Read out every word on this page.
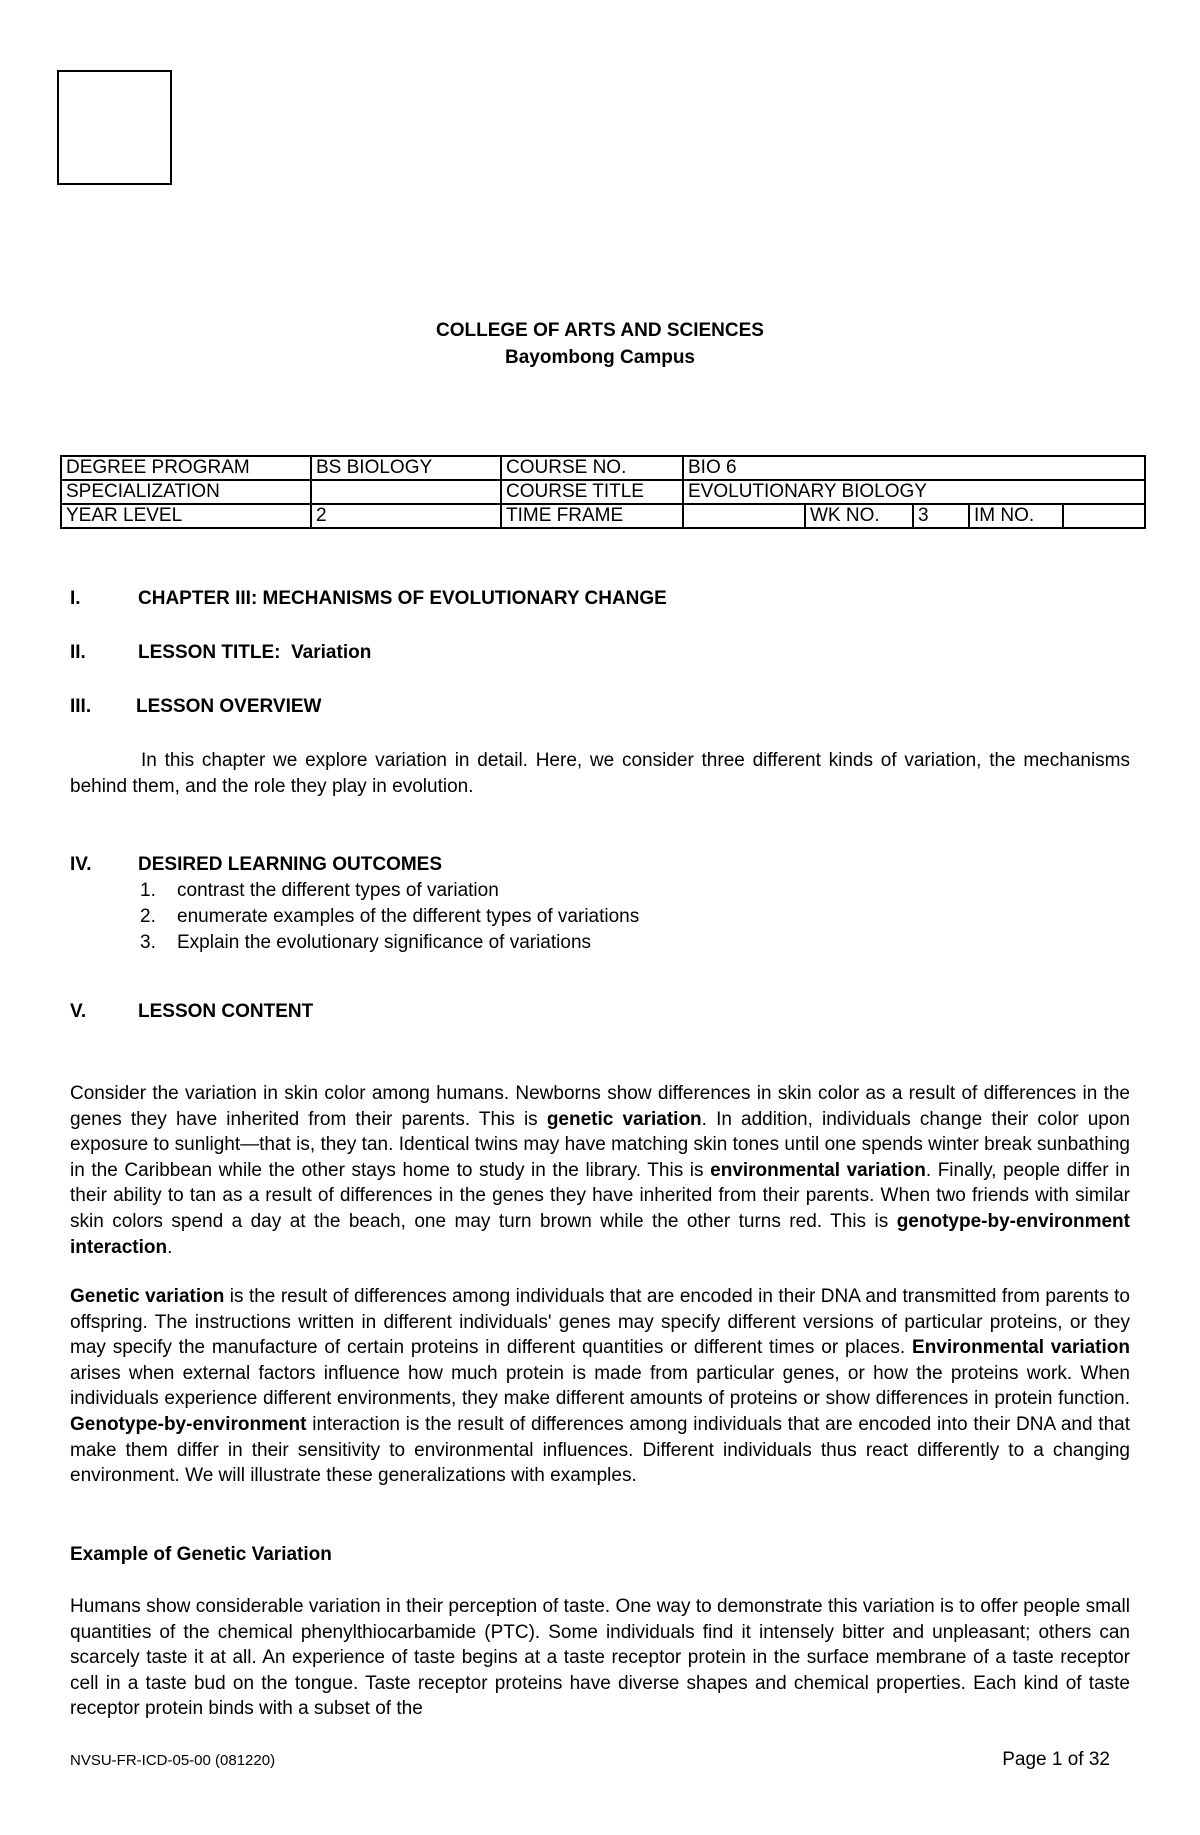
COLLEGE OF ARTS AND SCIENCES
Bayombong Campus
DEGREE PROGRAM	BS BIOLOGY	COURSE NO.	BIO 6				
SPECIALIZATION		COURSE TITLE	EVOLUTIONARY BIOLOGY				
YEAR LEVEL	2	TIME FRAME		WK NO.	3	IM NO.	
I.	CHAPTER III: MECHANISMS OF EVOLUTIONARY CHANGE
II.	LESSON TITLE: Variation
III. LESSON OVERVIEW
In this chapter we explore variation in detail. Here, we consider three different kinds of variation, the mechanisms behind them, and the role they play in evolution.
IV. DESIRED LEARNING OUTCOMES
1. contrast the different types of variation
2. enumerate examples of the different types of variations
3. Explain the evolutionary significance of variations
V.	LESSON CONTENT
Consider the variation in skin color among humans. Newborns show differences in skin color as a result of differences in the genes they have inherited from their parents. This is genetic variation. In addition, individuals change their color upon exposure to sunlight—that is, they tan. Identical twins may have matching skin tones until one spends winter break sunbathing in the Caribbean while the other stays home to study in the library. This is environmental variation. Finally, people differ in their ability to tan as a result of differences in the genes they have inherited from their parents. When two friends with similar skin colors spend a day at the beach, one may turn brown while the other turns red. This is genotype-by-environment interaction.
Genetic variation is the result of differences among individuals that are encoded in their DNA and transmitted from parents to offspring. The instructions written in different individuals' genes may specify different versions of particular proteins, or they may specify the manufacture of certain proteins in different quantities or different times or places. Environmental variation arises when external factors influence how much protein is made from particular genes, or how the proteins work. When individuals experience different environments, they make different amounts of proteins or show differences in protein function. Genotype-by-environment interaction is the result of differences among individuals that are encoded into their DNA and that make them differ in their sensitivity to environmental influences. Different individuals thus react differently to a changing environment. We will illustrate these generalizations with examples.
Example of Genetic Variation
Humans show considerable variation in their perception of taste. One way to demonstrate this variation is to offer people small quantities of the chemical phenylthiocarbamide (PTC). Some individuals find it intensely bitter and unpleasant; others can scarcely taste it at all. An experience of taste begins at a taste receptor protein in the surface membrane of a taste receptor cell in a taste bud on the tongue. Taste receptor proteins have diverse shapes and chemical properties. Each kind of taste receptor protein binds with a subset of the
NVSU-FR-ICD-05-00 (081220)	Page 1 of 32
